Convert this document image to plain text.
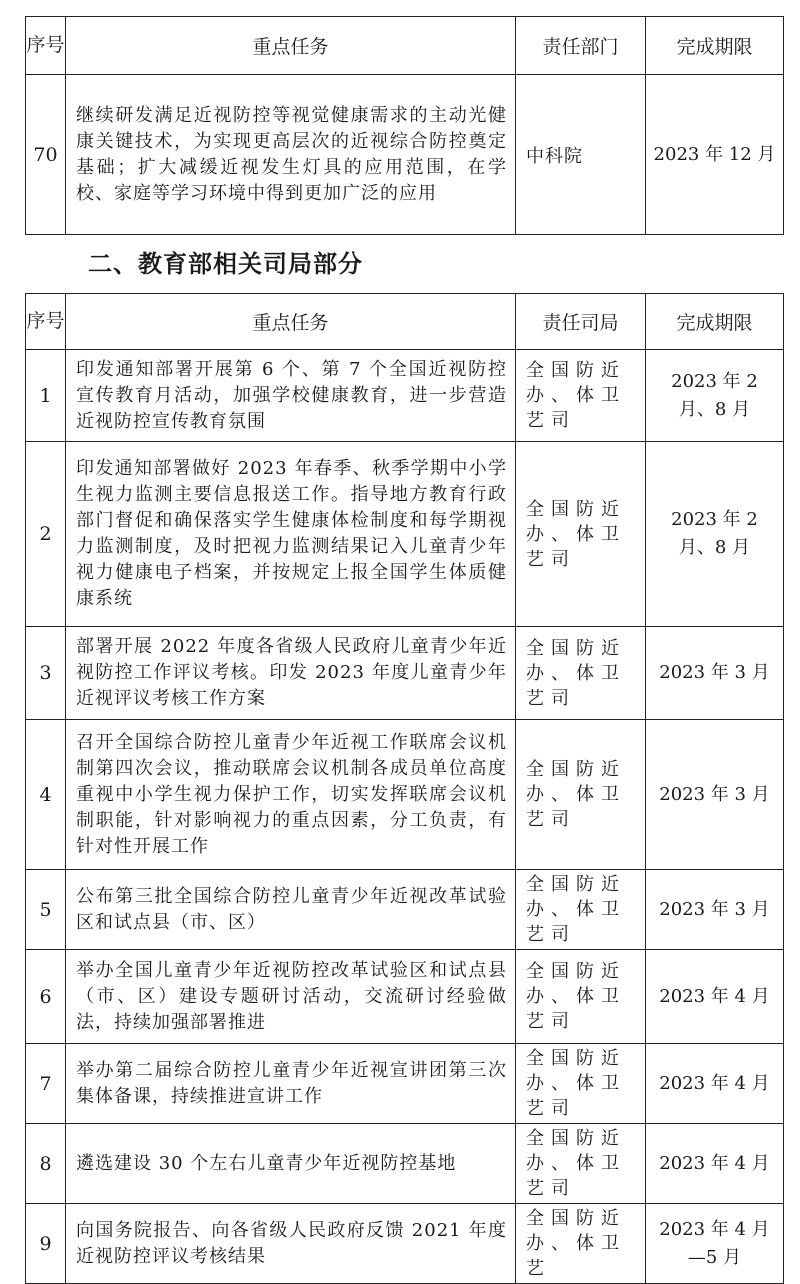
序号	重点任务	责任部门	完成期限
70	继续研发满足近视防控等视觉健康需求的主动光健康关键技术，为实现更高层次的近视综合防控奠定基础；扩大减缓近视发生灯具的应用范围，在学校、家庭等学习环境中得到更加广泛的应用	中科院	2023 年 12 月
二、教育部相关司局部分
序号	重点任务	责任司局	完成期限
1	印发通知部署开展第 6 个、第 7 个全国近视防控宣传教育月活动，加强学校健康教育，进一步营造近视防控宣传教育氛围	全国防近办、体卫艺司	2023 年 2 月、8 月
2	印发通知部署做好 2023 年春季、秋季学期中小学生视力监测主要信息报送工作。指导地方教育行政部门督促和确保落实学生健康体检制度和每学期视力监测制度，及时把视力监测结果记入儿童青少年视力健康电子档案，并按规定上报全国学生体质健康系统	全国防近办、体卫艺司	2023 年 2 月、8 月
3	部署开展 2022 年度各省级人民政府儿童青少年近视防控工作评议考核。印发 2023 年度儿童青少年近视评议考核工作方案	全国防近办、体卫艺司	2023 年 3 月
4	召开全国综合防控儿童青少年近视工作联席会议机制第四次会议，推动联席会议机制各成员单位高度重视中小学生视力保护工作，切实发挥联席会议机制职能，针对影响视力的重点因素，分工负责，有针对性开展工作	全国防近办、体卫艺司	2023 年 3 月
5	公布第三批全国综合防控儿童青少年近视改革试验区和试点县（市、区）	全国防近办、体卫艺司	2023 年 3 月
6	举办全国儿童青少年近视防控改革试验区和试点县（市、区）建设专题研讨活动，交流研讨经验做法，持续加强部署推进	全国防近办、体卫艺司	2023 年 4 月
7	举办第二届综合防控儿童青少年近视宣讲团第三次集体备课，持续推进宣讲工作	全国防近办、体卫艺司	2023 年 4 月
8	遴选建设 30 个左右儿童青少年近视防控基地	全国防近办、体卫艺司	2023 年 4 月
9	向国务院报告、向各省级人民政府反馈 2021 年度近视防控评议考核结果	全国防近办、体卫艺	2023 年 4 月—5 月
